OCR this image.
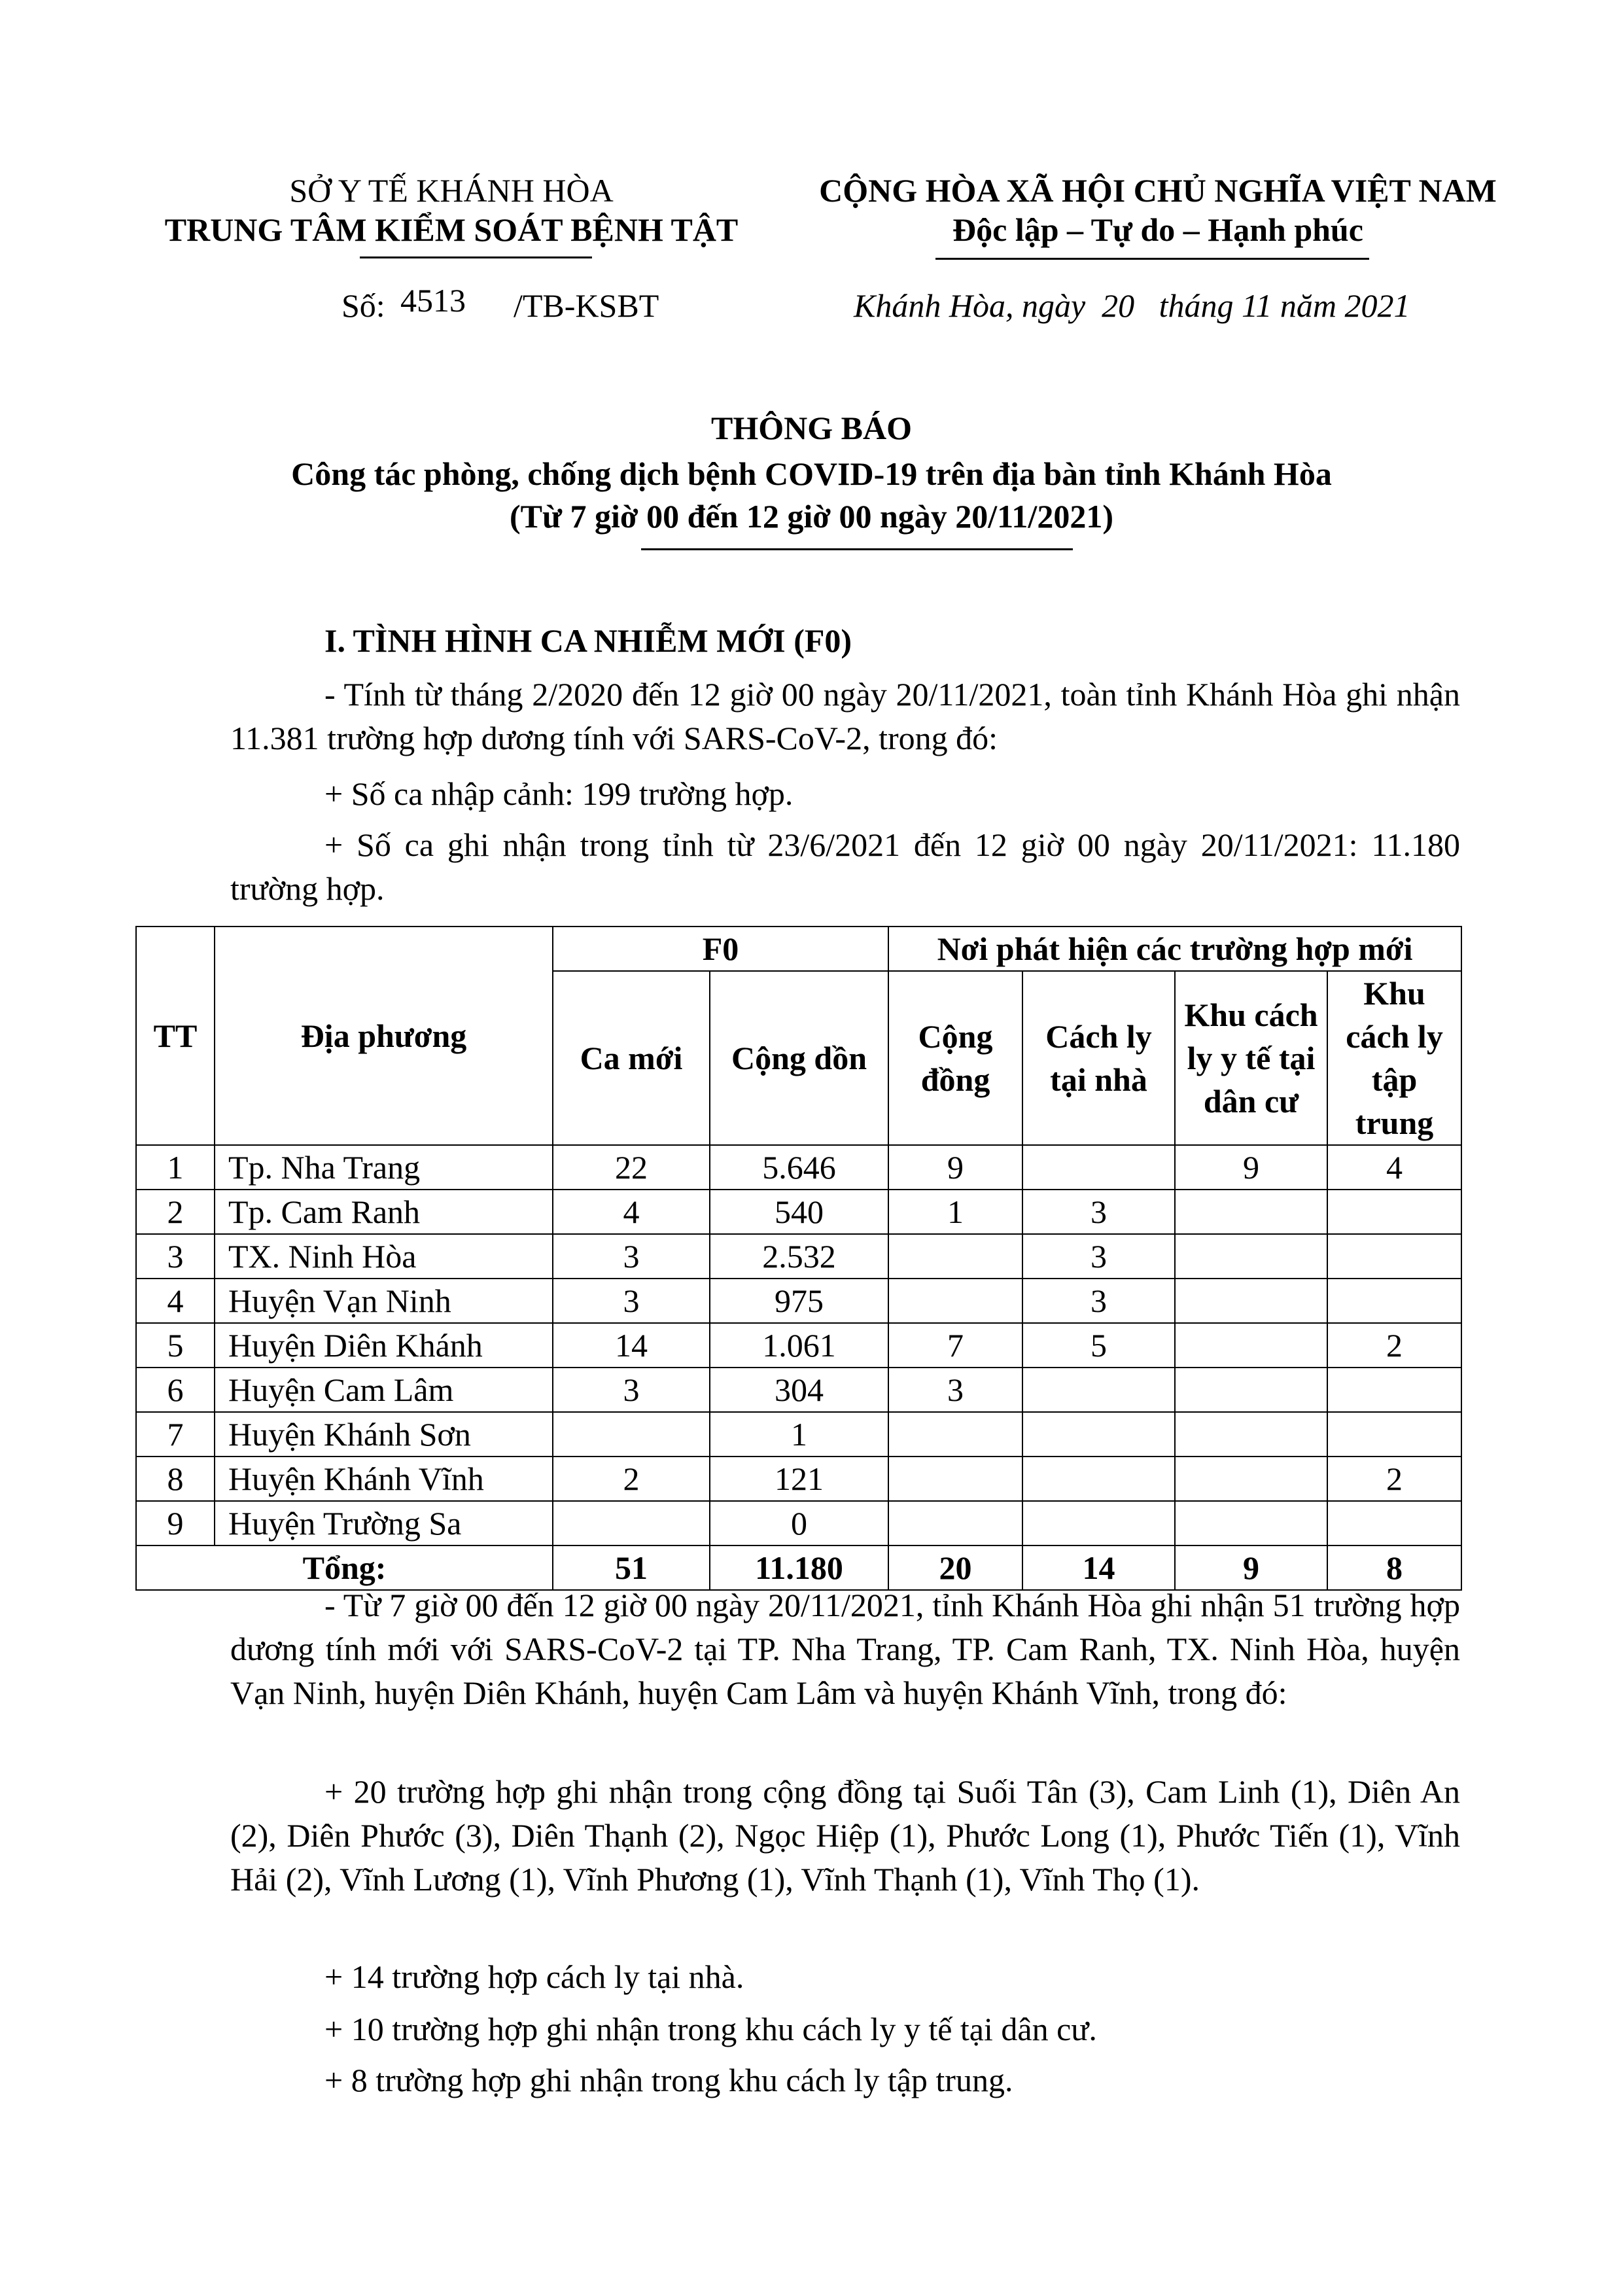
SỞ Y TẾ KHÁNH HÒA
TRUNG TÂM KIỂM SOÁT BỆNH TẬT
CỘNG HÒA XÃ HỘI CHỦ NGHĨA VIỆT NAM
Độc lập – Tự do – Hạnh phúc
Số: 4513 /TB-KSBT	Khánh Hòa, ngày  20   tháng 11 năm 2021
THÔNG BÁO
Công tác phòng, chống dịch bệnh COVID-19 trên địa bàn tỉnh Khánh Hòa
(Từ 7 giờ 00 đến 12 giờ 00 ngày 20/11/2021)
I. TÌNH HÌNH CA NHIỄM MỚI (F0)
- Tính từ tháng 2/2020 đến 12 giờ 00 ngày 20/11/2021, toàn tỉnh Khánh Hòa ghi nhận 11.381 trường hợp dương tính với SARS-CoV-2, trong đó:
+ Số ca nhập cảnh: 199 trường hợp.
+ Số ca ghi nhận trong tỉnh từ 23/6/2021 đến 12 giờ 00 ngày 20/11/2021: 11.180 trường hợp.
TT	Địa phương	F0		Nơi phát hiện các trường hợp mới			
		Ca mới	Cộng dồn	Cộng đồng	Cách ly tại nhà	Khu cách ly y tế tại dân cư	Khu cách ly tập trung
1	Tp. Nha Trang	22	5.646	9		9	4
2	Tp. Cam Ranh	4	540	1	3		
3	TX. Ninh Hòa	3	2.532		3		
4	Huyện Vạn Ninh	3	975		3		
5	Huyện Diên Khánh	14	1.061	7	5		2
6	Huyện Cam Lâm	3	304	3			
7	Huyện Khánh Sơn		1				
8	Huyện Khánh Vĩnh	2	121				2
9	Huyện Trường Sa		0				
Tổng:		51	11.180	20	14	9	8
- Từ 7 giờ 00 đến 12 giờ 00 ngày 20/11/2021, tỉnh Khánh Hòa ghi nhận 51 trường hợp dương tính mới với SARS-CoV-2 tại TP. Nha Trang, TP. Cam Ranh, TX. Ninh Hòa, huyện Vạn Ninh, huyện Diên Khánh, huyện Cam Lâm và huyện Khánh Vĩnh, trong đó:
+ 20 trường hợp ghi nhận trong cộng đồng tại Suối Tân (3), Cam Linh (1), Diên An (2), Diên Phước (3), Diên Thạnh (2), Ngọc Hiệp (1), Phước Long (1), Phước Tiến (1), Vĩnh Hải (2), Vĩnh Lương (1), Vĩnh Phương (1), Vĩnh Thạnh (1), Vĩnh Thọ (1).
+ 14 trường hợp cách ly tại nhà.
+ 10 trường hợp ghi nhận trong khu cách ly y tế tại dân cư.
+ 8 trường hợp ghi nhận trong khu cách ly tập trung.
